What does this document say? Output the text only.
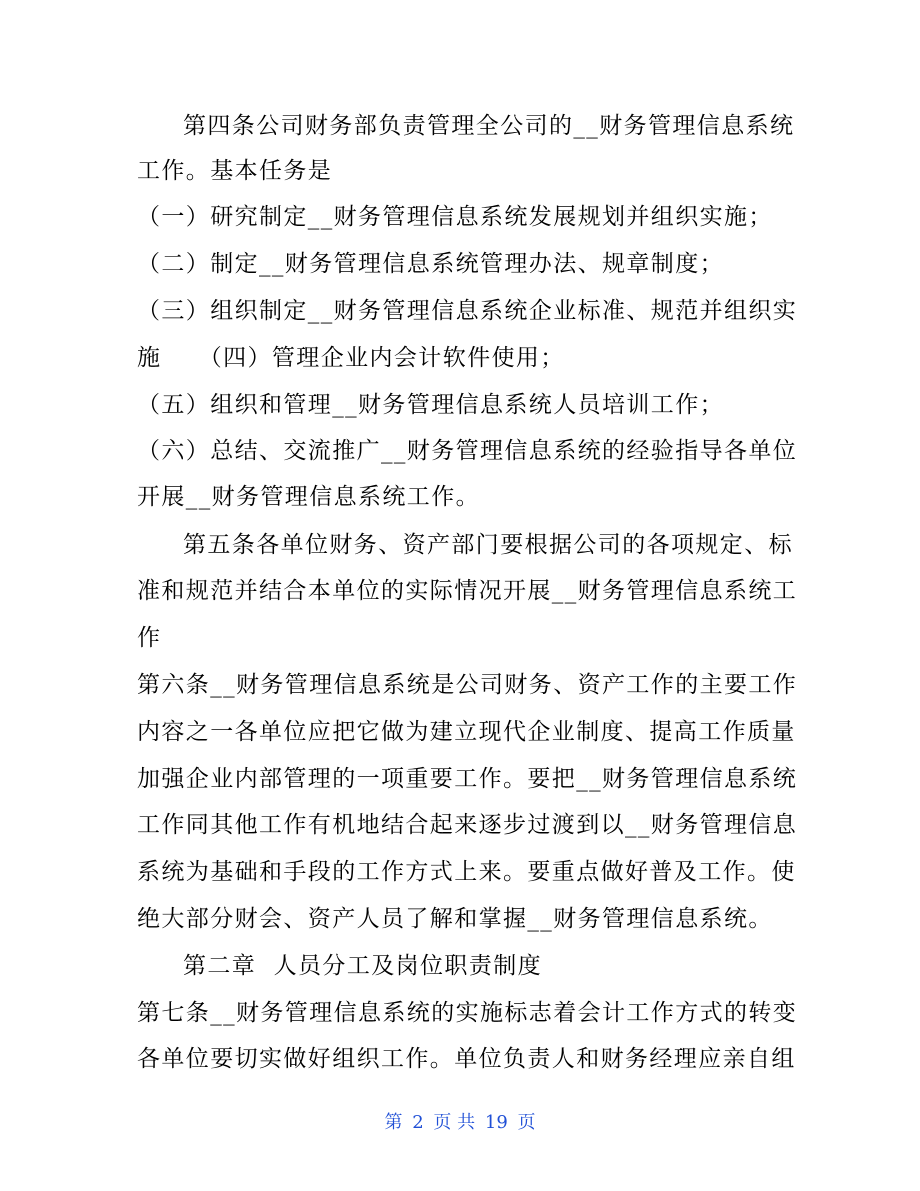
第四条公司财务部负责管理全公司的__财务管理信息系统
工作。基本任务是
（一）研究制定__财务管理信息系统发展规划并组织实施；
（二）制定__财务管理信息系统管理办法、规章制度；
（三）组织制定__财务管理信息系统企业标准、规范并组织实
施　　（四）管理企业内会计软件使用；
（五）组织和管理__财务管理信息系统人员培训工作；
（六）总结、交流推广__财务管理信息系统的经验指导各单位
开展__财务管理信息系统工作。
第五条各单位财务、资产部门要根据公司的各项规定、标
准和规范并结合本单位的实际情况开展__财务管理信息系统工
作
第六条__财务管理信息系统是公司财务、资产工作的主要工作
内容之一各单位应把它做为建立现代企业制度、提高工作质量
加强企业内部管理的一项重要工作。要把__财务管理信息系统
工作同其他工作有机地结合起来逐步过渡到以__财务管理信息
系统为基础和手段的工作方式上来。要重点做好普及工作。使
绝大部分财会、资产人员了解和掌握__财务管理信息系统。
第二章  人员分工及岗位职责制度
第七条__财务管理信息系统的实施标志着会计工作方式的转变
各单位要切实做好组织工作。单位负责人和财务经理应亲自组
第 2 页 共 19 页
